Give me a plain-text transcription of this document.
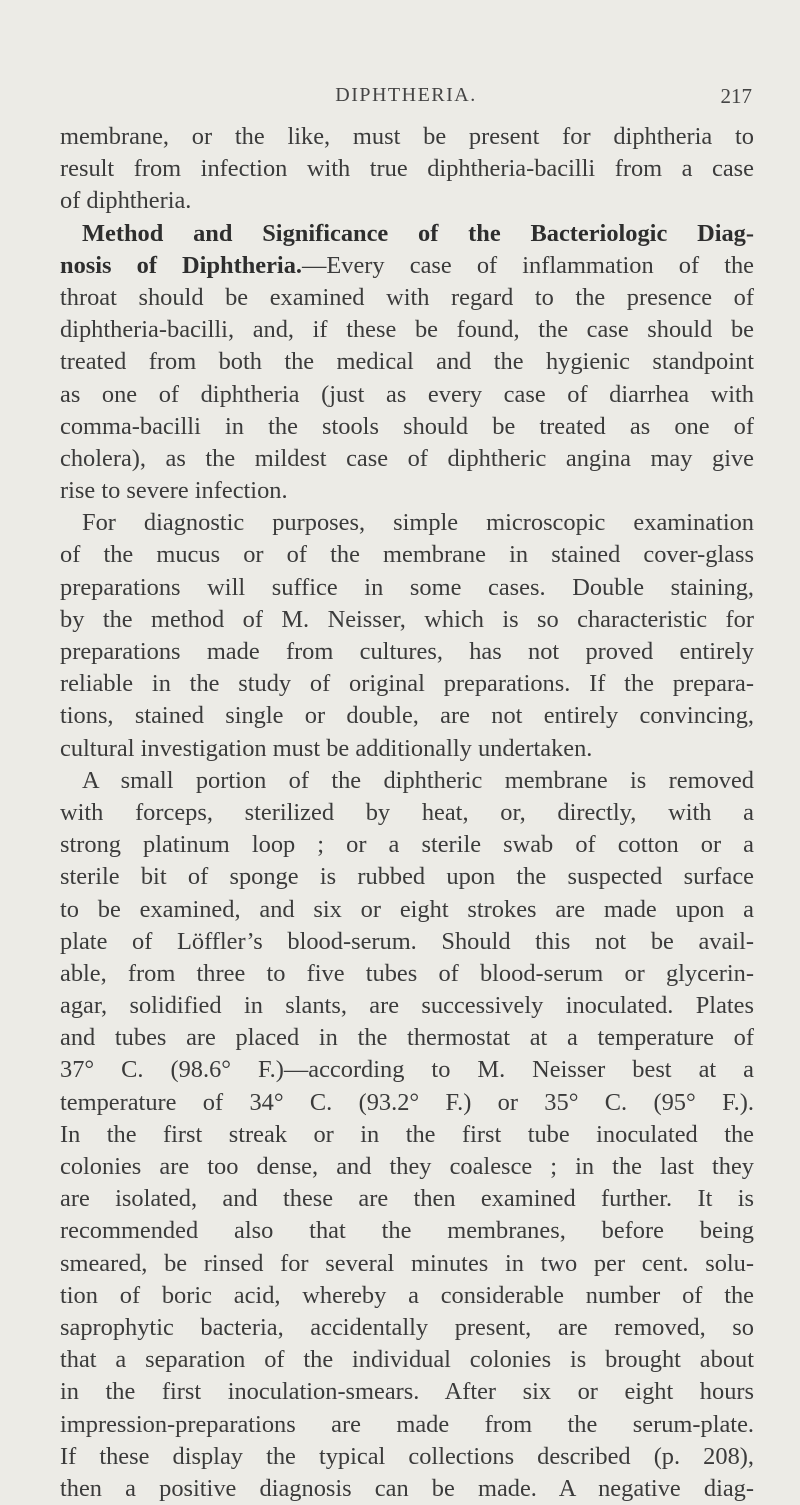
DIPHTHERIA.	217
membrane, or the like, must be present for diphtheria to
result from infection with true diphtheria-bacilli from a case
of diphtheria.
Method and Significance of the Bacteriologic Diag-
nosis of Diphtheria.—Every case of inflammation of the
throat should be examined with regard to the presence of
diphtheria-bacilli, and, if these be found, the case should be
treated from both the medical and the hygienic standpoint
as one of diphtheria (just as every case of diarrhea with
comma-bacilli in the stools should be treated as one of
cholera), as the mildest case of diphtheric angina may give
rise to severe infection.
For diagnostic purposes, simple microscopic examination
of the mucus or of the membrane in stained cover-glass
preparations will suffice in some cases. Double staining,
by the method of M. Neisser, which is so characteristic for
preparations made from cultures, has not proved entirely
reliable in the study of original preparations. If the prepara-
tions, stained single or double, are not entirely convincing,
cultural investigation must be additionally undertaken.
A small portion of the diphtheric membrane is removed
with forceps, sterilized by heat, or, directly, with a
strong platinum loop ; or a sterile swab of cotton or a
sterile bit of sponge is rubbed upon the suspected surface
to be examined, and six or eight strokes are made upon a
plate of Löffler’s blood-serum. Should this not be avail-
able, from three to five tubes of blood-serum or glycerin-
agar, solidified in slants, are successively inoculated. Plates
and tubes are placed in the thermostat at a temperature of
37° C. (98.6° F.)—according to M. Neisser best at a
temperature of 34° C. (93.2° F.) or 35° C. (95° F.).
In the first streak or in the first tube inoculated the
colonies are too dense, and they coalesce ; in the last they
are isolated, and these are then examined further. It is
recommended also that the membranes, before being
smeared, be rinsed for several minutes in two per cent. solu-
tion of boric acid, whereby a considerable number of the
saprophytic bacteria, accidentally present, are removed, so
that a separation of the individual colonies is brought about
in the first inoculation-smears. After six or eight hours
impression-preparations are made from the serum-plate.
If these display the typical collections described (p. 208),
then a positive diagnosis can be made. A negative diag-
